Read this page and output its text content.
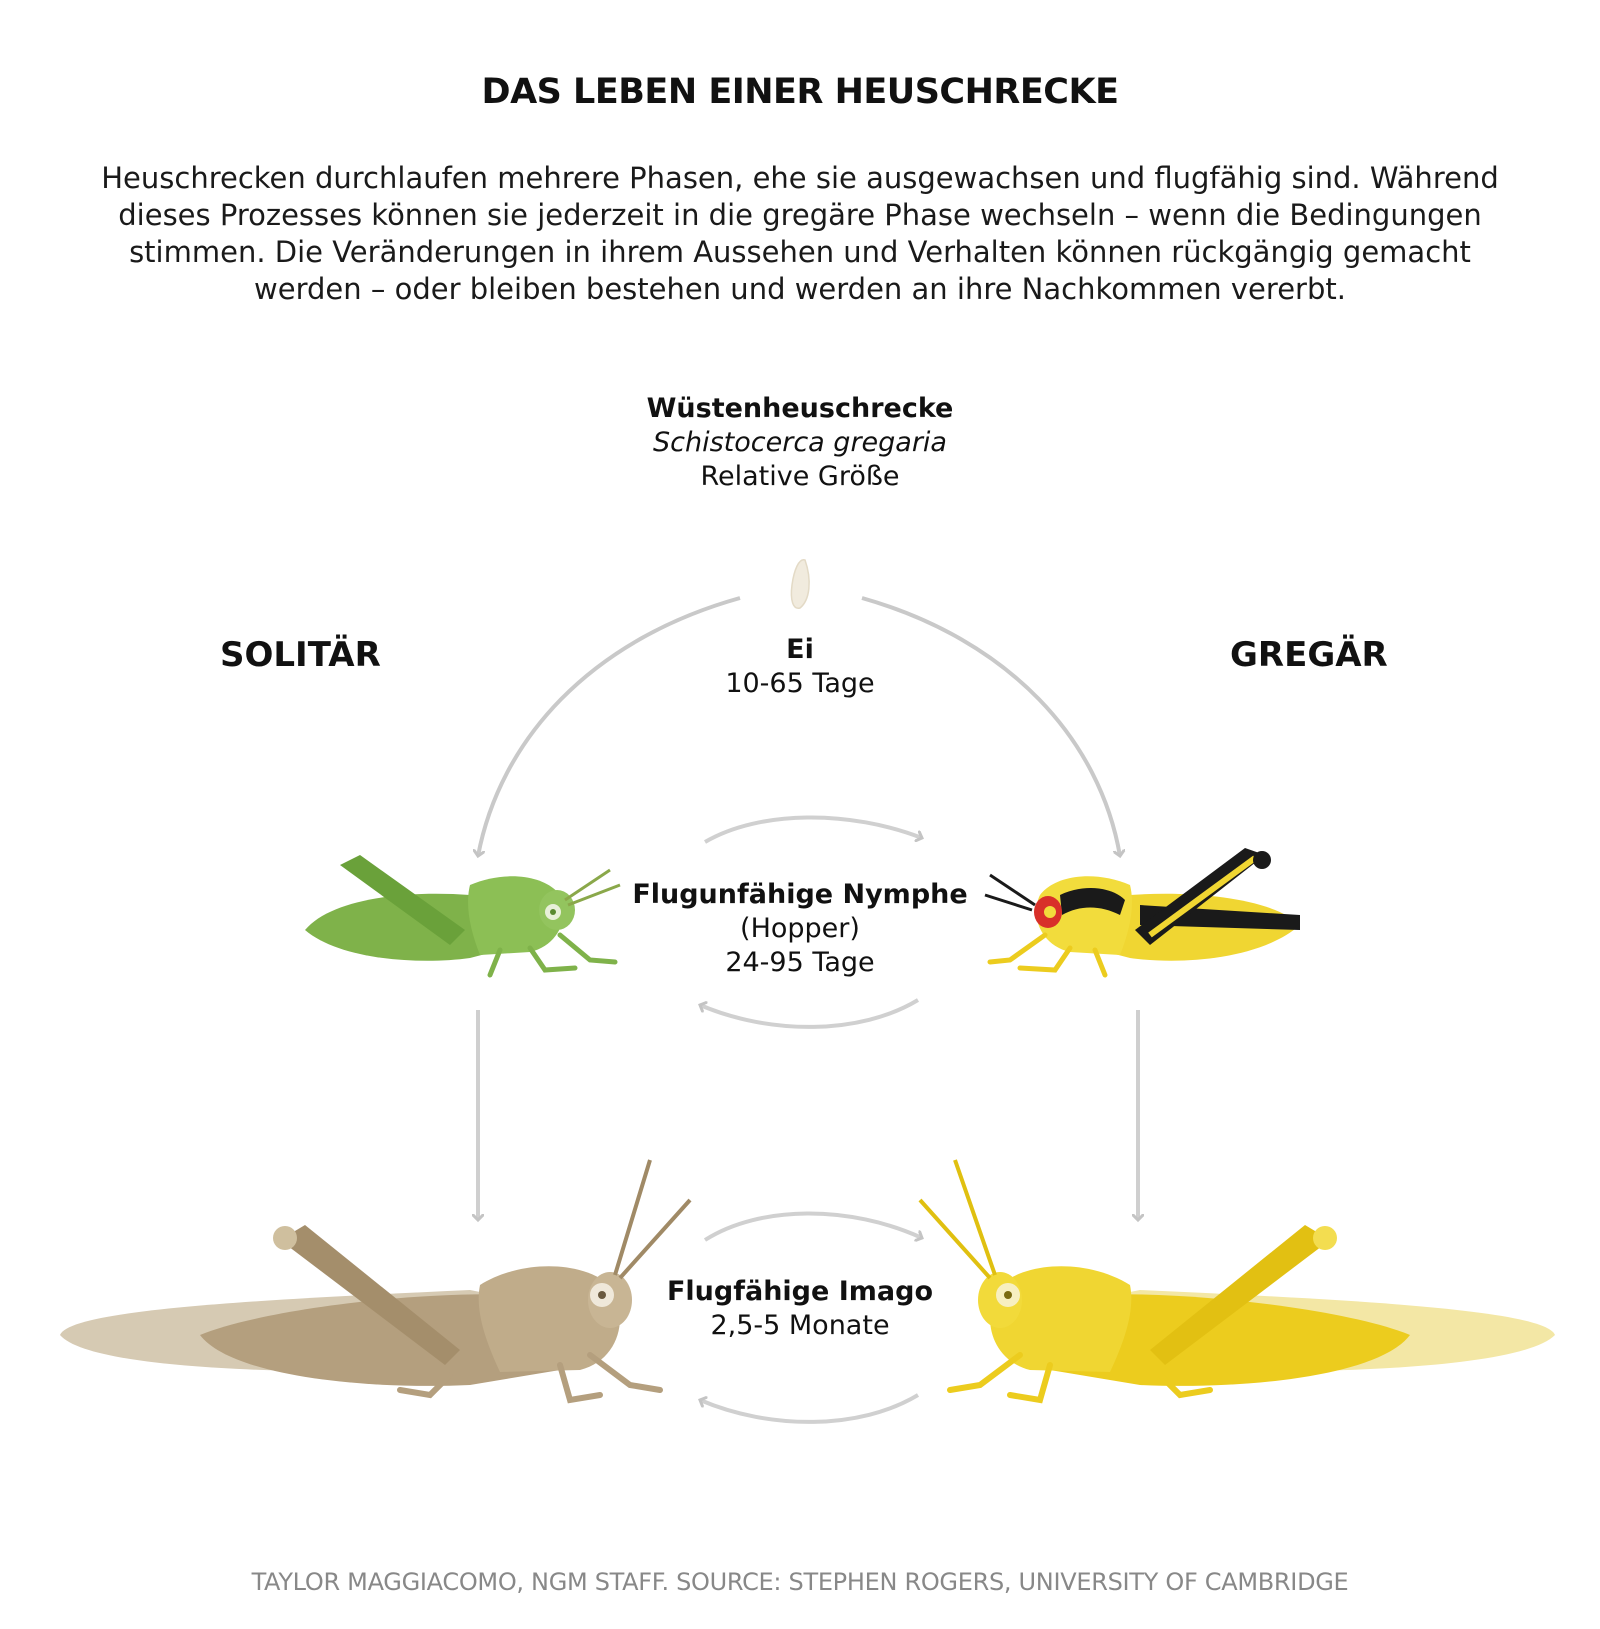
DAS LEBEN EINER HEUSCHRECKE
Heuschrecken durchlaufen mehrere Phasen, ehe sie ausgewachsen und flugfähig sind. Während
dieses Prozesses können sie jederzeit in die gregäre Phase wechseln – wenn die Bedingungen
stimmen. Die Veränderungen in ihrem Aussehen und Verhalten können rückgängig gemacht
werden – oder bleiben bestehen und werden an ihre Nachkommen vererbt.
Wüstenheuschrecke
Schistocerca gregaria
Relative Größe
SOLITÄR	GREGÄR
Ei
10-65 Tage
Flugunfähige Nymphe
(Hopper)
24-95 Tage
Flugfähige Imago
2,5-5 Monate
TAYLOR MAGGIACOMO, NGM STAFF. SOURCE: STEPHEN ROGERS, UNIVERSITY OF CAMBRIDGE
